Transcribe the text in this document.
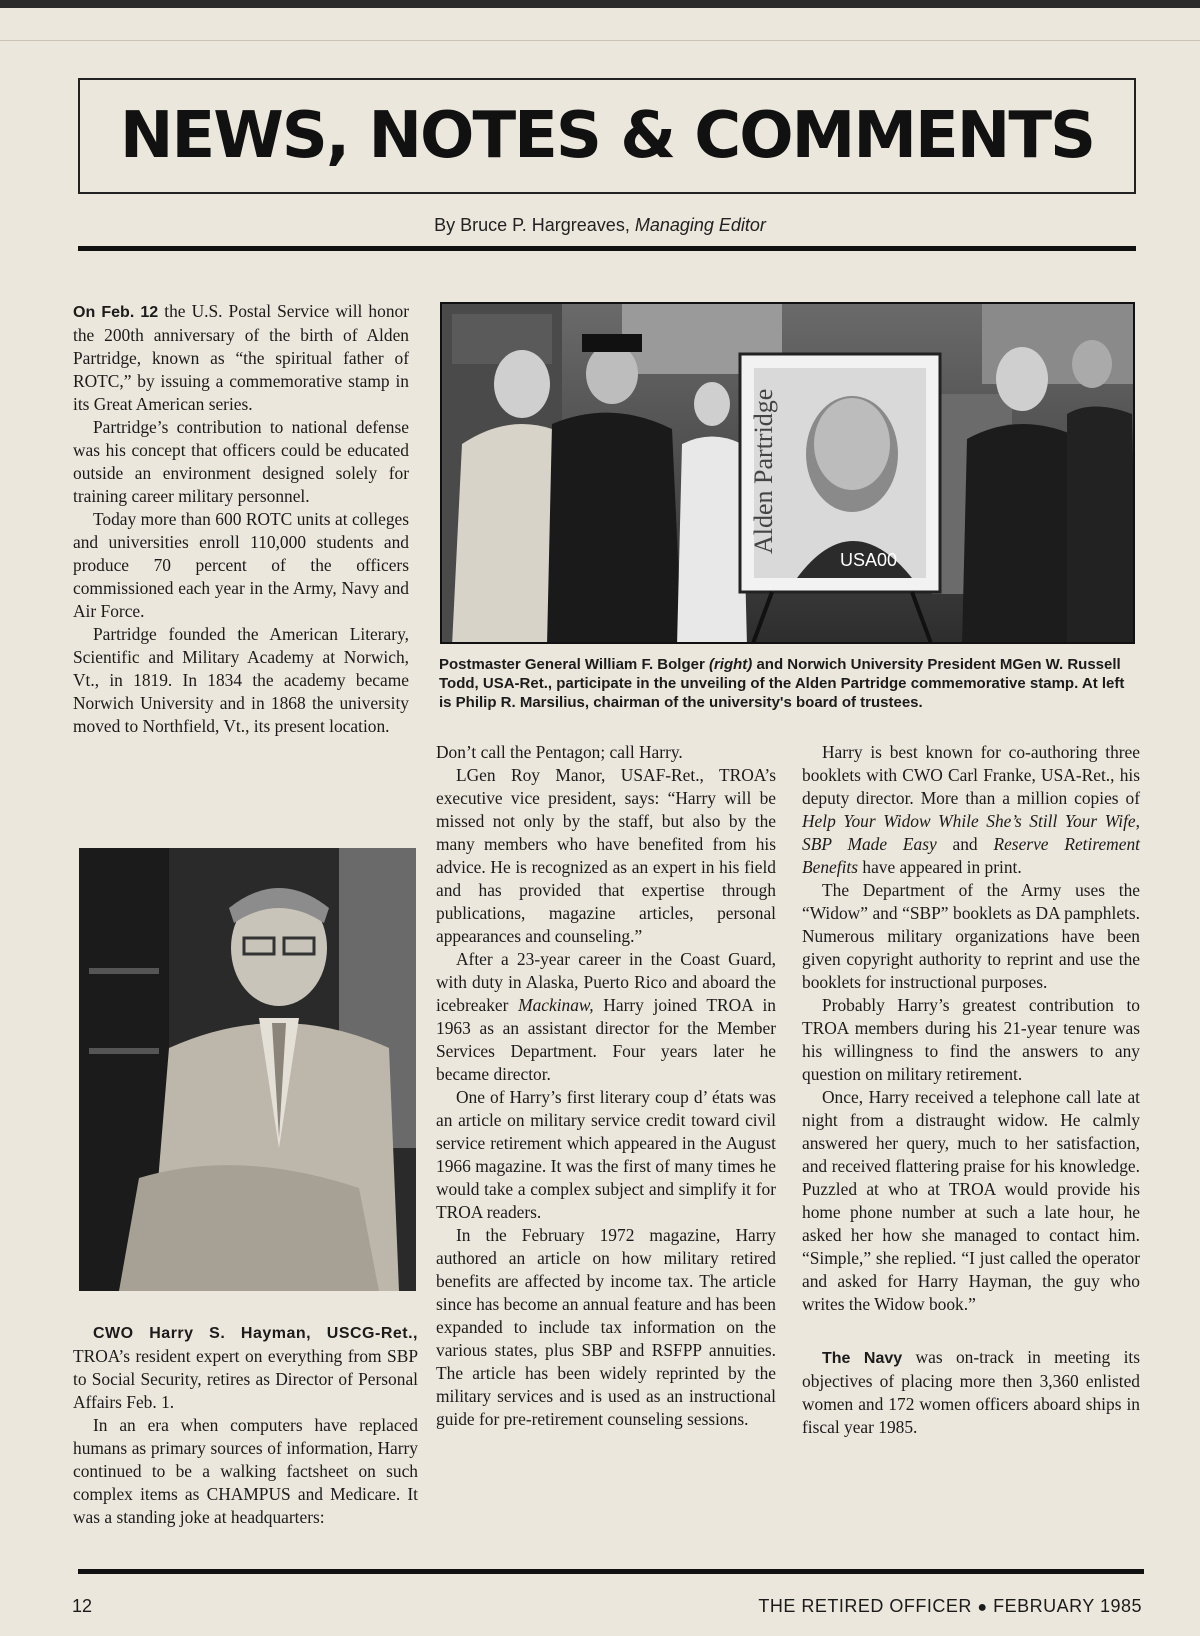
NEWS, NOTES & COMMENTS
By Bruce P. Hargreaves, Managing Editor

On Feb. 12 the U.S. Postal Service will honor the 200th anniversary of the birth of Alden Partridge, known as “the spiritual father of ROTC,” by issuing a commemorative stamp in its Great American series.

Partridge’s contribution to national defense was his concept that officers could be educated outside an environment designed solely for training career military personnel.

Today more than 600 ROTC units at colleges and universities enroll 110,000 students and produce 70 percent of the officers commissioned each year in the Army, Navy and Air Force.

Partridge founded the American Literary, Scientific and Military Academy at Norwich, Vt., in 1819. In 1834 the academy became Norwich University and in 1868 the university moved to Northfield, Vt., its present location.

Alden Partridge
USA00
Postmaster General William F. Bolger (right) and Norwich University President MGen W. Russell Todd, USA-Ret., participate in the unveiling of the Alden Partridge commemorative stamp. At left is Philip R. Marsilius, chairman of the university's board of trustees.

CWO Harry S. Hayman, USCG-Ret., TROA’s resident expert on everything from SBP to Social Security, retires as Director of Personal Affairs Feb. 1.

In an era when computers have replaced humans as primary sources of information, Harry continued to be a walking factsheet on such complex items as CHAMPUS and Medicare. It was a standing joke at headquarters:

Don’t call the Pentagon; call Harry.

LGen Roy Manor, USAF-Ret., TROA’s executive vice president, says: “Harry will be missed not only by the staff, but also by the many members who have benefited from his advice. He is recognized as an expert in his field and has provided that expertise through publications, magazine articles, personal appearances and counseling.”

After a 23-year career in the Coast Guard, with duty in Alaska, Puerto Rico and aboard the icebreaker Mackinaw, Harry joined TROA in 1963 as an assistant director for the Member Services Department. Four years later he became director.

One of Harry’s first literary coup d’ états was an article on military service credit toward civil service retirement which appeared in the August 1966 magazine. It was the first of many times he would take a complex subject and simplify it for TROA readers.

In the February 1972 magazine, Harry authored an article on how military retired benefits are affected by income tax. The article since has become an annual feature and has been expanded to include tax information on the various states, plus SBP and RSFPP annuities. The article has been widely reprinted by the military services and is used as an instructional guide for pre-retirement counseling sessions.

Harry is best known for co-authoring three booklets with CWO Carl Franke, USA-Ret., his deputy director. More than a million copies of Help Your Widow While She’s Still Your Wife, SBP Made Easy and Reserve Retirement Benefits have appeared in print.

The Department of the Army uses the “Widow” and “SBP” booklets as DA pamphlets. Numerous military organizations have been given copyright authority to reprint and use the booklets for instructional purposes.

Probably Harry’s greatest contribution to TROA members during his 21-year tenure was his willingness to find the answers to any question on military retirement.

Once, Harry received a telephone call late at night from a distraught widow. He calmly answered her query, much to her satisfaction, and received flattering praise for his knowledge. Puzzled at who at TROA would provide his home phone number at such a late hour, he asked her how she managed to contact him. “Simple,” she replied. “I just called the operator and asked for Harry Hayman, the guy who writes the Widow book.”

The Navy was on-track in meeting its objectives of placing more then 3,360 enlisted women and 172 women officers aboard ships in fiscal year 1985.

12	THE RETIRED OFFICER ● FEBRUARY 1985
